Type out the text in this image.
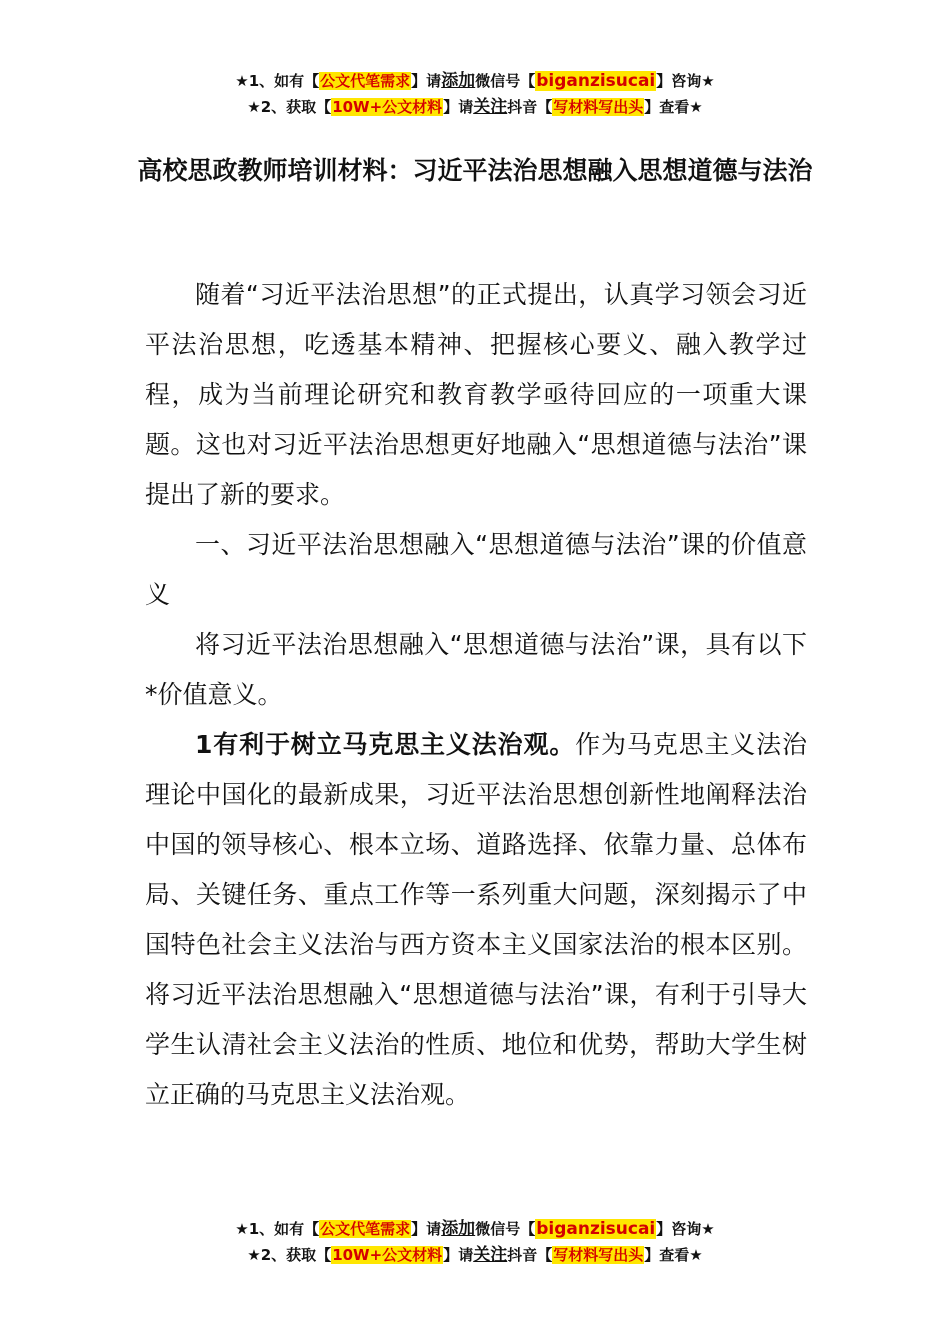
★1、如有【公文代笔需求】请添加微信号【biganzisucai】咨询★
★2、获取【10W+公文材料】请关注抖音【写材料写出头】查看★
高校思政教师培训材料：习近平法治思想融入思想道德与法治

随着“习近平法治思想”的正式提出，认真学习领会习近平法治思想，吃透基本精神、把握核心要义、融入教学过程，成为当前理论研究和教育教学亟待回应的一项重大课题。这也对习近平法治思想更好地融入“思想道德与法治”课提出了新的要求。

一、习近平法治思想融入“思想道德与法治”课的价值意义

将习近平法治思想融入“思想道德与法治”课，具有以下*价值意义。

1有利于树立马克思主义法治观。作为马克思主义法治理论中国化的最新成果，习近平法治思想创新性地阐释法治中国的领导核心、根本立场、道路选择、依靠力量、总体布局、关键任务、重点工作等一系列重大问题，深刻揭示了中国特色社会主义法治与西方资本主义国家法治的根本区别。将习近平法治思想融入“思想道德与法治”课，有利于引导大学生认清社会主义法治的性质、地位和优势，帮助大学生树立正确的马克思主义法治观。

★1、如有【公文代笔需求】请添加微信号【biganzisucai】咨询★
★2、获取【10W+公文材料】请关注抖音【写材料写出头】查看★
